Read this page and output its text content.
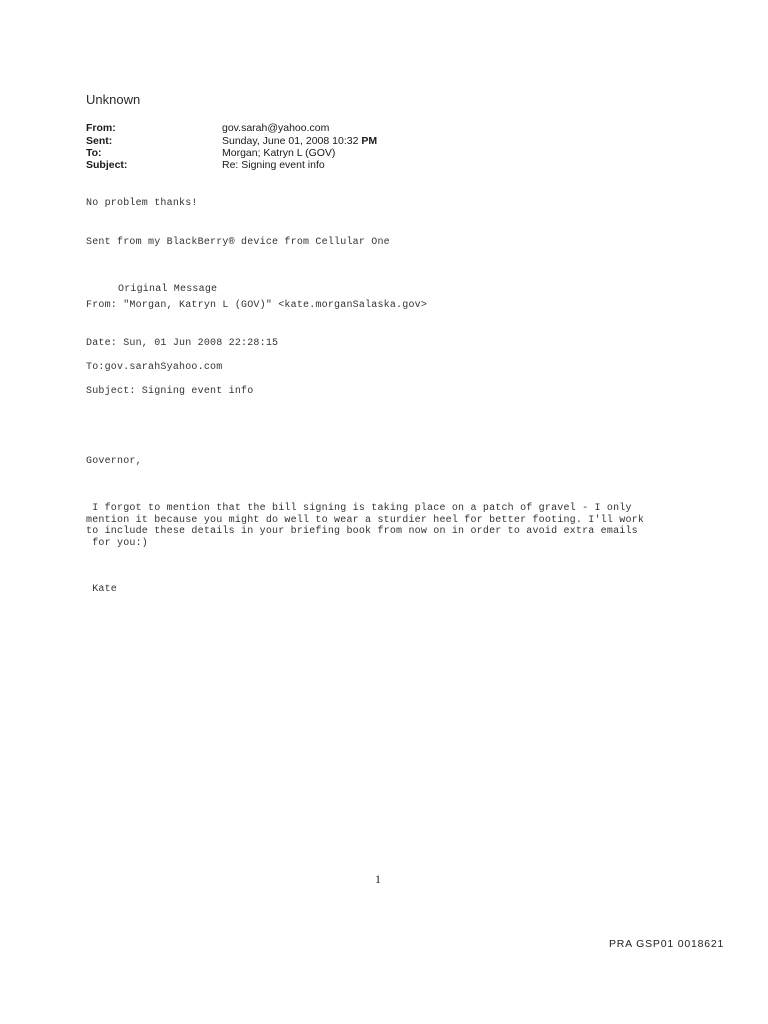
Unknown
From:	gov.sarah@yahoo.com
Sent:	Sunday, June 01, 2008 10:32 PM
To:	Morgan; Katryn L (GOV)
Subject:	Re: Signing event info
No problem thanks!
Sent from my BlackBerry® device from Cellular One
Original Message
From: "Morgan, Katryn L (GOV)" <kate.morganSalaska.gov>
Date: Sun, 01 Jun 2008 22:28:15
To:gov.sarahSyahoo.com
Subject: Signing event info
Governor,
I forgot to mention that the bill signing is taking place on a patch of gravel - I only
mention it because you might do well to wear a sturdier heel for better footing. I'll work
to include these details in your briefing book from now on in order to avoid extra emails
for you:)
Kate
1
PRA GSP01 0018621
